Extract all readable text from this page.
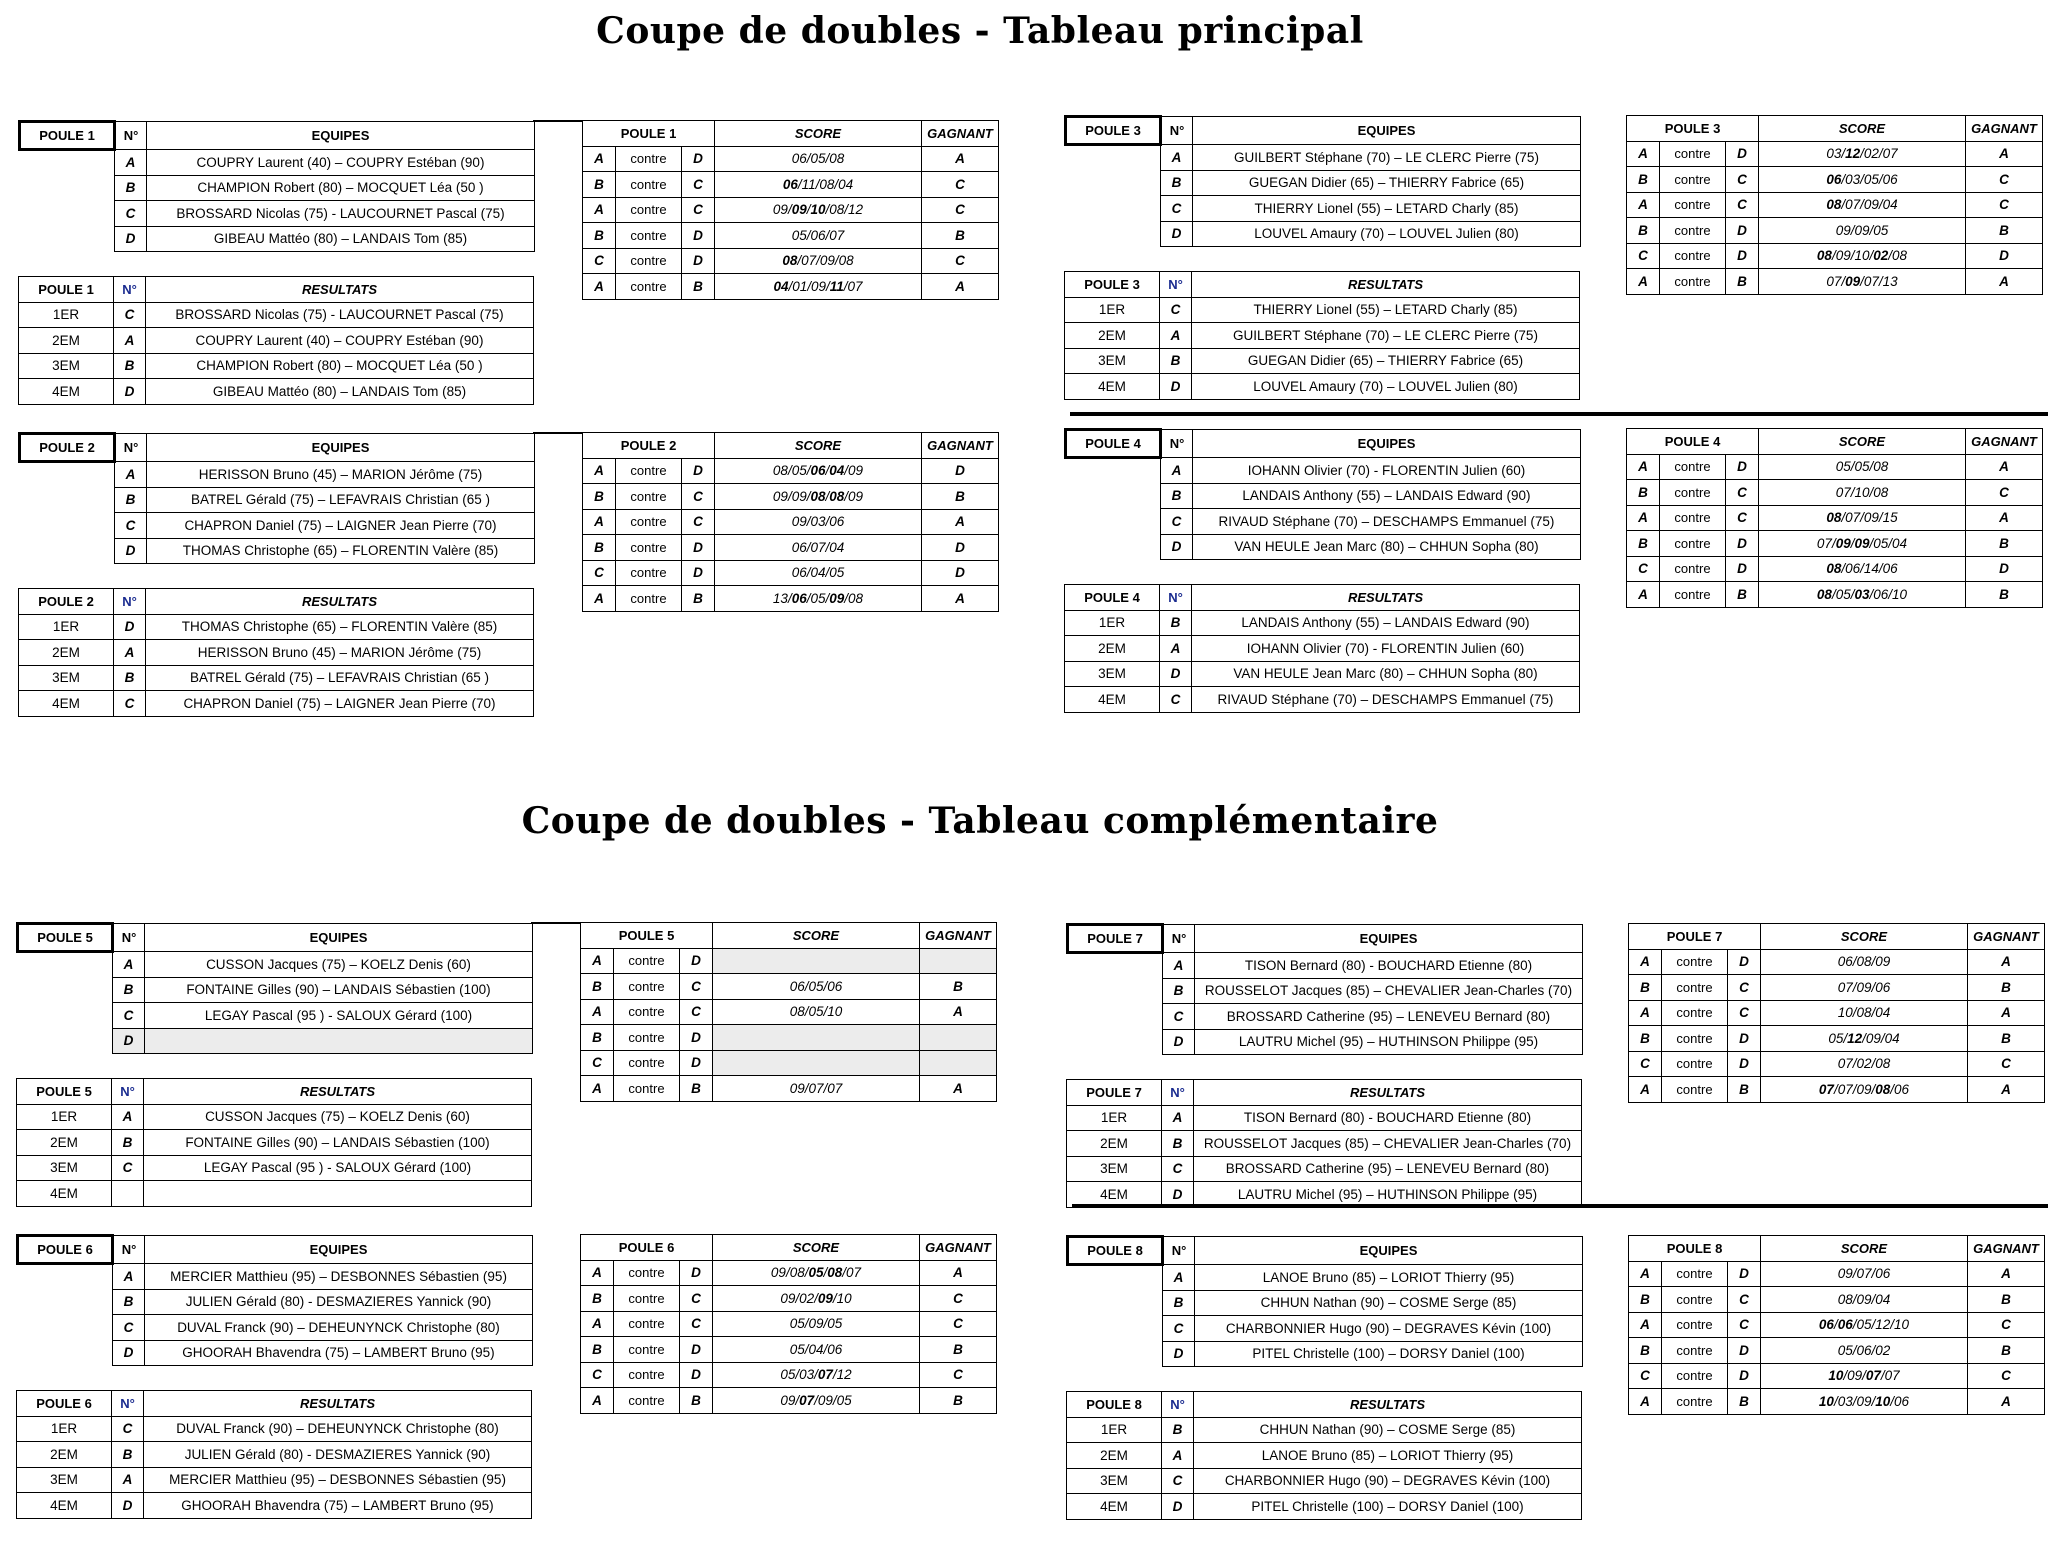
Coupe de doubles - Tableau principal
Coupe de doubles - Tableau complémentaire
POULE 1	N°	EQUIPES
	A	COUPRY Laurent (40) – COUPRY Estéban (90)
	B	CHAMPION Robert (80) – MOCQUET Léa (50 )
	C	BROSSARD Nicolas (75) - LAUCOURNET Pascal (75)
	D	GIBEAU Mattéo (80) – LANDAIS Tom (85)
POULE 1	N°	RESULTATS
1ER	C	BROSSARD Nicolas (75) - LAUCOURNET Pascal (75)
2EM	A	COUPRY Laurent (40) – COUPRY Estéban (90)
3EM	B	CHAMPION Robert (80) – MOCQUET Léa (50 )
4EM	D	GIBEAU Mattéo (80) – LANDAIS Tom (85)
POULE 1			SCORE	GAGNANT
A	contre	D	06/05/08	A
B	contre	C	06/11/08/04	C
A	contre	C	09/09/10/08/12	C
B	contre	D	05/06/07	B
C	contre	D	08/07/09/08	C
A	contre	B	04/01/09/11/07	A
POULE 2	N°	EQUIPES
	A	HERISSON Bruno (45) – MARION Jérôme (75)
	B	BATREL Gérald (75) – LEFAVRAIS Christian (65 )
	C	CHAPRON Daniel (75) – LAIGNER Jean Pierre (70)
	D	THOMAS Christophe (65) – FLORENTIN Valère (85)
POULE 2	N°	RESULTATS
1ER	D	THOMAS Christophe (65) – FLORENTIN Valère (85)
2EM	A	HERISSON Bruno (45) – MARION Jérôme (75)
3EM	B	BATREL Gérald (75) – LEFAVRAIS Christian (65 )
4EM	C	CHAPRON Daniel (75) – LAIGNER Jean Pierre (70)
POULE 2			SCORE	GAGNANT
A	contre	D	08/05/06/04/09	D
B	contre	C	09/09/08/08/09	B
A	contre	C	09/03/06	A
B	contre	D	06/07/04	D
C	contre	D	06/04/05	D
A	contre	B	13/06/05/09/08	A
POULE 3	N°	EQUIPES
	A	GUILBERT Stéphane (70) – LE CLERC Pierre (75)
	B	GUEGAN Didier (65) – THIERRY Fabrice (65)
	C	THIERRY Lionel (55) – LETARD Charly (85)
	D	LOUVEL Amaury (70) – LOUVEL Julien (80)
POULE 3	N°	RESULTATS
1ER	C	THIERRY Lionel (55) – LETARD Charly (85)
2EM	A	GUILBERT Stéphane (70) – LE CLERC Pierre (75)
3EM	B	GUEGAN Didier (65) – THIERRY Fabrice (65)
4EM	D	LOUVEL Amaury (70) – LOUVEL Julien (80)
POULE 3			SCORE	GAGNANT
A	contre	D	03/12/02/07	A
B	contre	C	06/03/05/06	C
A	contre	C	08/07/09/04	C
B	contre	D	09/09/05	B
C	contre	D	08/09/10/02/08	D
A	contre	B	07/09/07/13	A
POULE 4	N°	EQUIPES
	A	IOHANN Olivier (70) - FLORENTIN Julien (60)
	B	LANDAIS Anthony (55) – LANDAIS Edward (90)
	C	RIVAUD Stéphane (70) – DESCHAMPS Emmanuel (75)
	D	VAN HEULE Jean Marc (80) – CHHUN Sopha (80)
POULE 4	N°	RESULTATS
1ER	B	LANDAIS Anthony (55) – LANDAIS Edward (90)
2EM	A	IOHANN Olivier (70) - FLORENTIN Julien (60)
3EM	D	VAN HEULE Jean Marc (80) – CHHUN Sopha (80)
4EM	C	RIVAUD Stéphane (70) – DESCHAMPS Emmanuel (75)
POULE 4			SCORE	GAGNANT
A	contre	D	05/05/08	A
B	contre	C	07/10/08	C
A	contre	C	08/07/09/15	A
B	contre	D	07/09/09/05/04	B
C	contre	D	08/06/14/06	D
A	contre	B	08/05/03/06/10	B
POULE 5	N°	EQUIPES
	A	CUSSON Jacques (75) – KOELZ Denis (60)
	B	FONTAINE Gilles (90) – LANDAIS Sébastien (100)
	C	LEGAY Pascal (95 ) - SALOUX Gérard (100)
	D	
POULE 5	N°	RESULTATS
1ER	A	CUSSON Jacques (75) – KOELZ Denis (60)
2EM	B	FONTAINE Gilles (90) – LANDAIS Sébastien (100)
3EM	C	LEGAY Pascal (95 ) - SALOUX Gérard (100)
4EM		
POULE 5			SCORE	GAGNANT
A	contre	D		
B	contre	C	06/05/06	B
A	contre	C	08/05/10	A
B	contre	D		
C	contre	D		
A	contre	B	09/07/07	A
POULE 6	N°	EQUIPES
	A	MERCIER Matthieu (95) – DESBONNES Sébastien (95)
	B	JULIEN Gérald (80) - DESMAZIERES Yannick (90)
	C	DUVAL Franck (90) – DEHEUNYNCK Christophe (80)
	D	GHOORAH Bhavendra (75) – LAMBERT Bruno (95)
POULE 6	N°	RESULTATS
1ER	C	DUVAL Franck (90) – DEHEUNYNCK Christophe (80)
2EM	B	JULIEN Gérald (80) - DESMAZIERES Yannick (90)
3EM	A	MERCIER Matthieu (95) – DESBONNES Sébastien (95)
4EM	D	GHOORAH Bhavendra (75) – LAMBERT Bruno (95)
POULE 6			SCORE	GAGNANT
A	contre	D	09/08/05/08/07	A
B	contre	C	09/02/09/10	C
A	contre	C	05/09/05	C
B	contre	D	05/04/06	B
C	contre	D	05/03/07/12	C
A	contre	B	09/07/09/05	B
POULE 7	N°	EQUIPES
	A	TISON Bernard (80) - BOUCHARD Etienne (80)
	B	ROUSSELOT Jacques (85) – CHEVALIER Jean-Charles (70)
	C	BROSSARD Catherine (95) – LENEVEU Bernard (80)
	D	LAUTRU Michel (95) – HUTHINSON Philippe (95)
POULE 7	N°	RESULTATS
1ER	A	TISON Bernard (80) - BOUCHARD Etienne (80)
2EM	B	ROUSSELOT Jacques (85) – CHEVALIER Jean-Charles (70)
3EM	C	BROSSARD Catherine (95) – LENEVEU Bernard (80)
4EM	D	LAUTRU Michel (95) – HUTHINSON Philippe (95)
POULE 7			SCORE	GAGNANT
A	contre	D	06/08/09	A
B	contre	C	07/09/06	B
A	contre	C	10/08/04	A
B	contre	D	05/12/09/04	B
C	contre	D	07/02/08	C
A	contre	B	07/07/09/08/06	A
POULE 8	N°	EQUIPES
	A	LANOE Bruno (85) – LORIOT Thierry (95)
	B	CHHUN Nathan (90) – COSME Serge (85)
	C	CHARBONNIER Hugo (90) – DEGRAVES Kévin (100)
	D	PITEL Christelle (100) – DORSY Daniel (100)
POULE 8	N°	RESULTATS
1ER	B	CHHUN Nathan (90) – COSME Serge (85)
2EM	A	LANOE Bruno (85) – LORIOT Thierry (95)
3EM	C	CHARBONNIER Hugo (90) – DEGRAVES Kévin (100)
4EM	D	PITEL Christelle (100) – DORSY Daniel (100)
POULE 8			SCORE	GAGNANT
A	contre	D	09/07/06	A
B	contre	C	08/09/04	B
A	contre	C	06/06/05/12/10	C
B	contre	D	05/06/02	B
C	contre	D	10/09/07/07	C
A	contre	B	10/03/09/10/06	A
